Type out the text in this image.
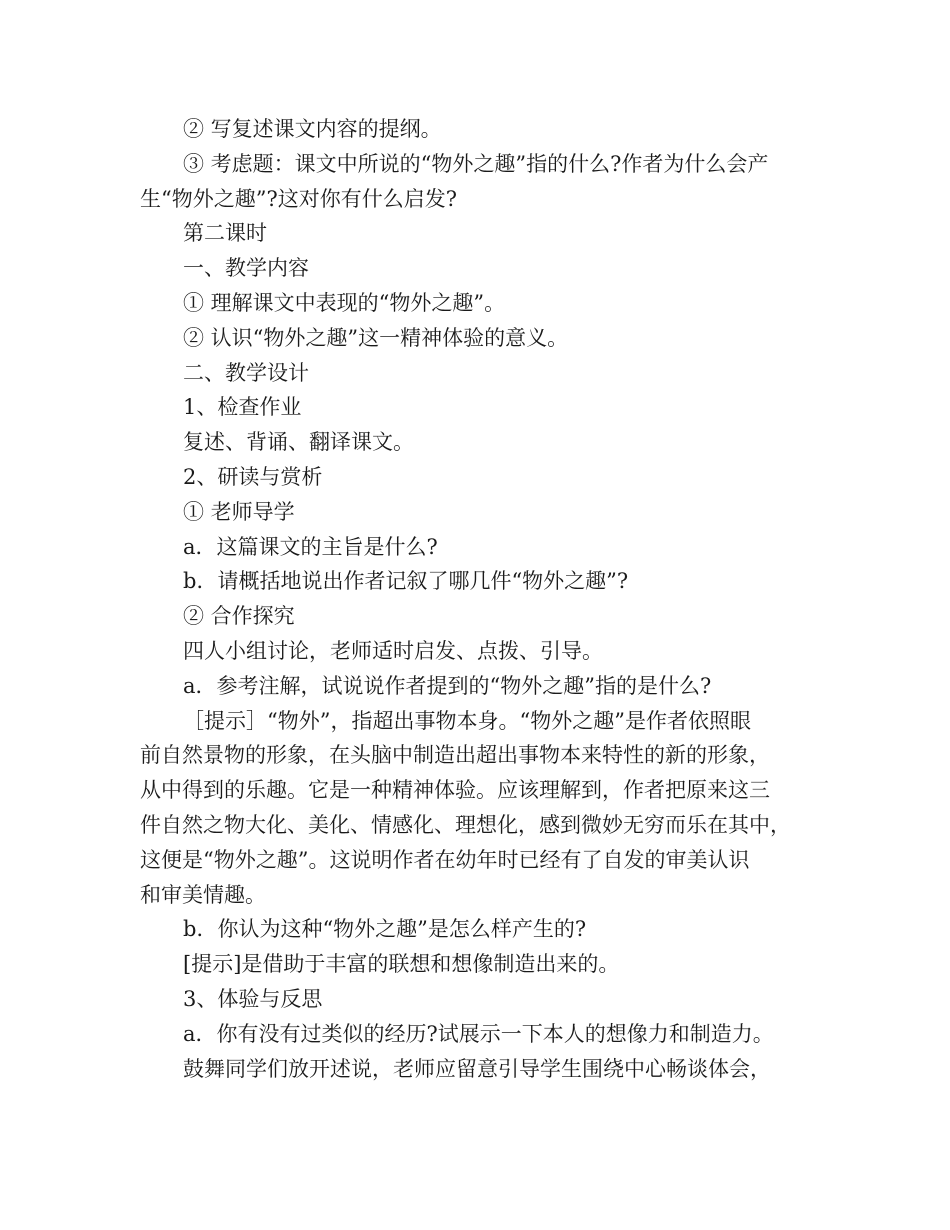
② 写复述课文内容的提纲。

③ 考虑题：课文中所说的“物外之趣”指的什么?作者为什么会产

生“物外之趣”?这对你有什么启发?

第二课时

一、教学内容

① 理解课文中表现的“物外之趣”。

② 认识“物外之趣”这一精神体验的意义。

二、教学设计

1、检查作业

复述、背诵、翻译课文。

2、研读与赏析

① 老师导学

a．这篇课文的主旨是什么?

b．请概括地说出作者记叙了哪几件“物外之趣”?

② 合作探究

四人小组讨论，老师适时启发、点拨、引导。

a．参考注解，试说说作者提到的“物外之趣”指的是什么?

［提示］“物外”，指超出事物本身。“物外之趣”是作者依照眼

前自然景物的形象，在头脑中制造出超出事物本来特性的新的形象，

从中得到的乐趣。它是一种精神体验。应该理解到，作者把原来这三

件自然之物大化、美化、情感化、理想化，感到微妙无穷而乐在其中，

这便是“物外之趣”。这说明作者在幼年时已经有了自发的审美认识

和审美情趣。

b．你认为这种“物外之趣”是怎么样产生的?

[提示]是借助于丰富的联想和想像制造出来的。

3、体验与反思

a．你有没有过类似的经历?试展示一下本人的想像力和制造力。

鼓舞同学们放开述说，老师应留意引导学生围绕中心畅谈体会，
